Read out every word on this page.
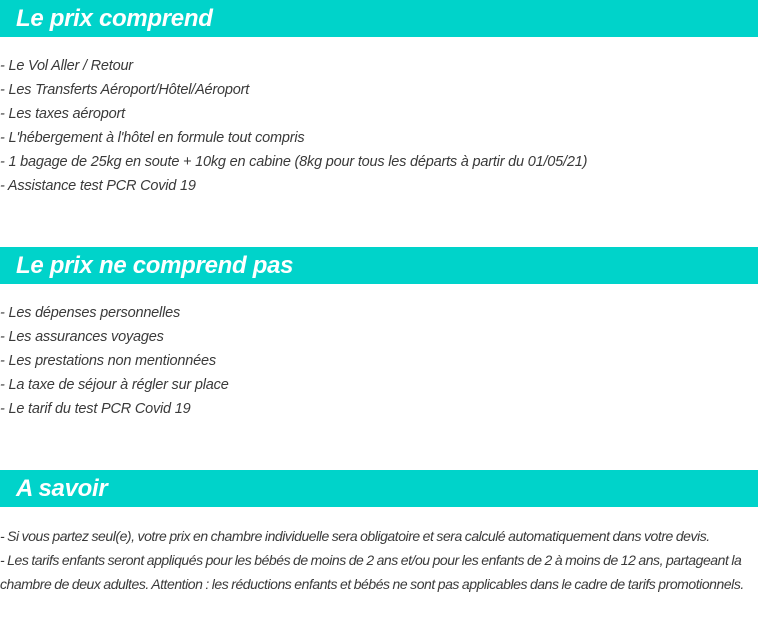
Le prix comprend
- Le Vol Aller / Retour
- Les Transferts Aéroport/Hôtel/Aéroport
- Les taxes aéroport
- L'hébergement à l'hôtel en formule tout compris
- 1 bagage de 25kg en soute + 10kg en cabine (8kg pour tous les départs à partir du 01/05/21)
- Assistance test PCR Covid 19
Le prix ne comprend pas
- Les dépenses personnelles
- Les assurances voyages
- Les prestations non mentionnées
- La taxe de séjour à régler sur place
- Le tarif du test PCR Covid 19
A savoir
- Si vous partez seul(e), votre prix en chambre individuelle sera obligatoire et sera calculé automatiquement dans votre devis.
- Les tarifs enfants seront appliqués pour les bébés de moins de 2 ans et/ou pour les enfants de 2 à moins de 12 ans, partageant la chambre de deux adultes. Attention : les réductions enfants et bébés ne sont pas applicables dans le cadre de tarifs promotionnels.
